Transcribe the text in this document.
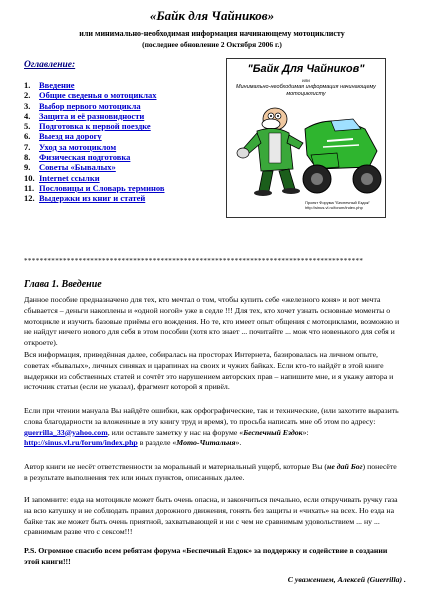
«Байк для Чайников»
или минимально-необходимая информация начинающему мотоциклисту
(последнее обновление 2 Октября 2006 г.)
Оглавление:
1. Введение
2. Общие сведенья о мотоциклах
3. Выбор первого мотоцикла
4. Защита и её разновидности
5. Подготовка к первой поездке
6. Выезд на дорогу
7. Уход за мотоциклом
8. Физическая подготовка
9. Советы «Бывалых»
10. Internet ссылки
11. Пословицы и Словарь терминов
12. Выдержки из книг и статей
"Байк Для Чайников"
или
Минимально-необходимая информация начинающему мотоциклисту
Проект Форума "Беспечный Ездок"
http://sinus.vl.ru/forum/index.php
***************************************************************************************
Глава 1. Введение
Данное пособие предназначено для тех, кто мечтал о том, чтобы купить себе «железного коня» и вот мечта сбывается – деньги накоплены и «одной ногой» уже в седле !!! Для тех, кто хочет узнать основные моменты о мотоцикле и изучить базовые приёмы его вождения. Но те, кто имеет опыт общения с мотоциклами, возможно и не найдут ничего нового для себя в этом пособии (хотя кто знает ... почитайте ... мож что новенького для себя и откроете).
Вся информация, приведённая далее, собиралась на просторах Интернета, базировалась на личном опыте, советах «бывалых», личных синяках и царапинах на своих и чужих байках. Если кто-то найдёт в этой книге выдержки из собственных статей и сочтёт это нарушением авторских прав – напишите мне, и я укажу автора и источник статьи (если не указал), фрагмент которой я привёл.
Если при чтении мануала Вы найдёте ошибки, как орфографические, так и технические, (или захотите выразить слова благодарности за вложенные в эту книгу труд и время), то просьба написать мне об этом по адресу: guerrilla_33@yahoo.com, или оставьте заметку у нас на форуме «Беспечный Ездок»: http://sinus.vl.ru/forum/index.php в разделе «Мото-Читальня».
Автор книги не несёт ответственности за моральный и материальный ущерб, которые Вы (не дай Бог) понесёте в результате выполнения тех или иных пунктов, описанных далее.
И запомните: езда на мотоцикле может быть очень опасна, и закончиться печально, если откручивать ручку газа на всю катушку и не соблюдать правил дорожного движения, гонять без защиты и «чихать» на всех. Но езда на байке так же может быть очень приятной, захватывающей и ни с чем не сравнимым удовольствием ... ну ... сравнимым разве что с сексом!!!
P.S. Огромное спасибо всем ребятам форума «Беспечный Ездок» за поддержку и содействие в создании этой книги!!!
С уважением, Алексей (Guerrilla) .
